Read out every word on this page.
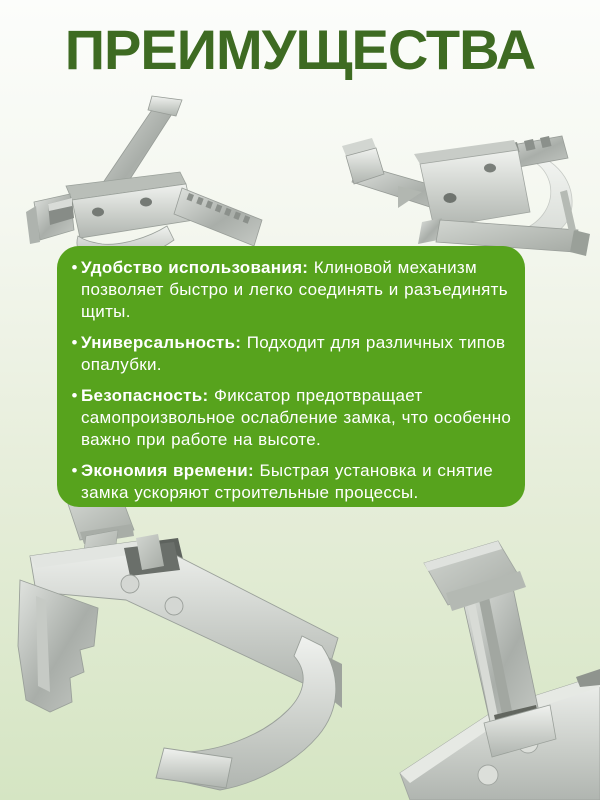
ПРЕИМУЩЕСТВА
• Удобство использования: Клиновой механизм позволяет быстро и легко соединять и разъединять щиты.
• Универсальность: Подходит для различных типов опалубки.
• Безопасность: Фиксатор предотвращает самопроизвольное ослабление замка, что особенно важно при работе на высоте.
• Экономия времени: Быстрая установка и снятие замка ускоряют строительные процессы.
